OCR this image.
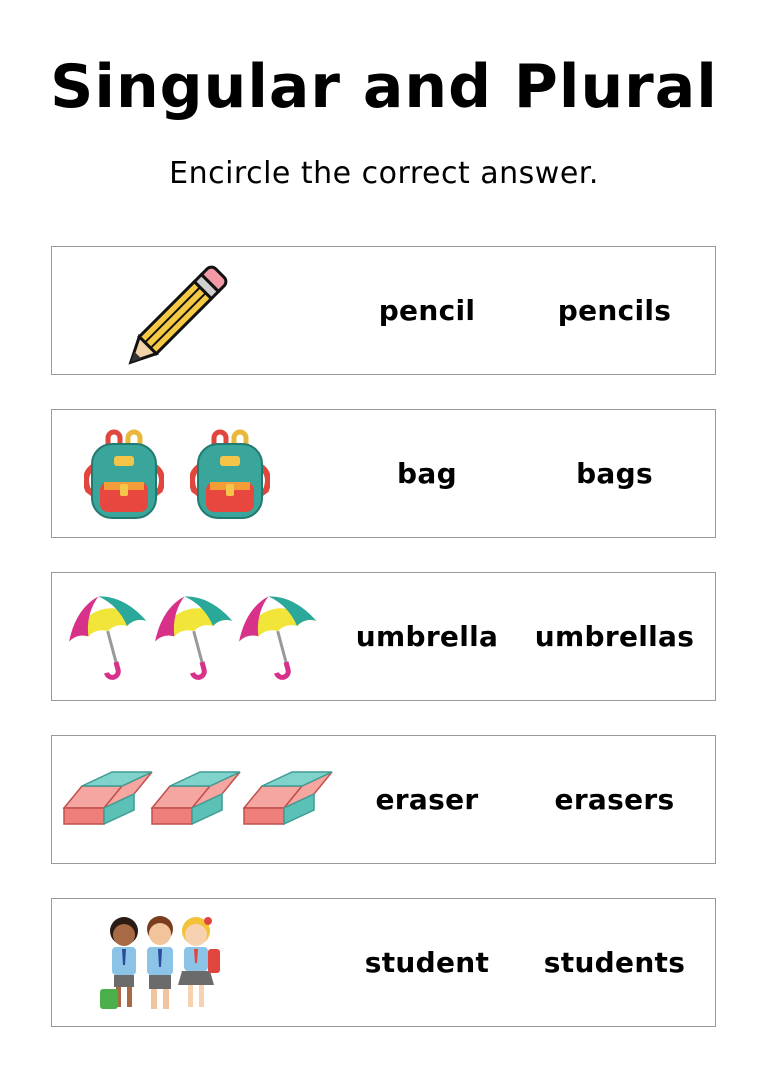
Singular and Plural

Encircle the correct answer.

pencil	pencils
bag	bags
umbrella	umbrellas
eraser	erasers
student	students
